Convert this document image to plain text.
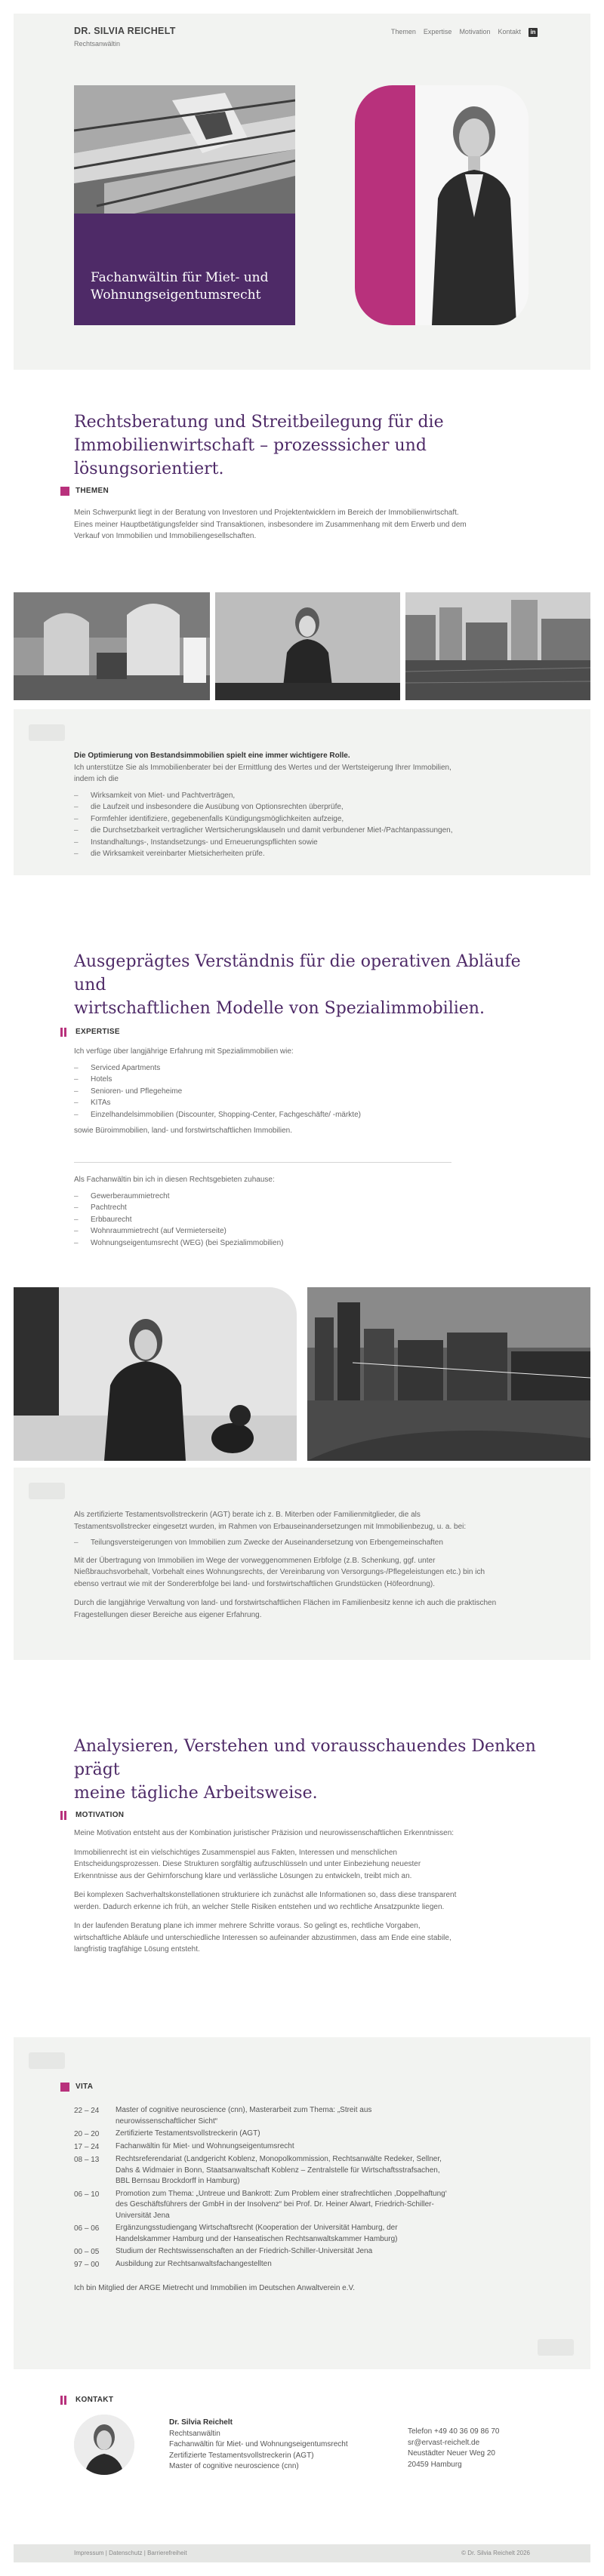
DR. SILVIA REICHELT
Rechtsanwältin
Themen Expertise Motivation Kontakt	in
Fachanwältin für Miet- und
Wohnungseigentumsrecht
Rechtsberatung und Streitbeilegung für die
Immobilienwirtschaft – prozesssicher und lösungsorientiert.
THEMEN

Mein Schwerpunkt liegt in der Beratung von Investoren und Projektentwicklern im Bereich der Immobilienwirtschaft. Eines meiner Hauptbetätigungsfelder sind Transaktionen, insbesondere im Zusammenhang mit dem Erwerb und dem Verkauf von Immobilien und Immobiliengesellschaften.

Die Optimierung von Bestandsimmobilien spielt eine immer wichtigere Rolle.
Ich unterstütze Sie als Immobilienberater bei der Ermittlung des Wertes und der Wertsteigerung Ihrer Immobilien, indem ich die
– Wirksamkeit von Miet- und Pachtverträgen,
– die Laufzeit und insbesondere die Ausübung von Optionsrechten überprüfe,
– Formfehler identifiziere, gegebenenfalls Kündigungsmöglichkeiten aufzeige,
– die Durchsetzbarkeit vertraglicher Wertsicherungsklauseln und damit verbundener Miet-/Pachtanpassungen,
– Instandhaltungs-, Instandsetzungs- und Erneuerungspflichten sowie
– die Wirksamkeit vereinbarter Mietsicherheiten prüfe.
Ausgeprägtes Verständnis für die operativen Abläufe und
wirtschaftlichen Modelle von Spezialimmobilien.
EXPERTISE

Ich verfüge über langjährige Erfahrung mit Spezialimmobilien wie:

– Serviced Apartments
– Hotels
– Senioren- und Pflegeheime
– KITAs
– Einzelhandelsimmobilien (Discounter, Shopping-Center, Fachgeschäfte/ -märkte)

sowie Büroimmobilien, land- und forstwirtschaftlichen Immobilien.

Als Fachanwältin bin ich in diesen Rechtsgebieten zuhause:

– Gewerberaummietrecht
– Pachtrecht
– Erbbaurecht
– Wohnraummietrecht (auf Vermieterseite)
– Wohnungseigentumsrecht (WEG) (bei Spezialimmobilien)

Als zertifizierte Testamentsvollstreckerin (AGT) berate ich z. B. Miterben oder Familienmitglieder, die als Testamentsvollstrecker eingesetzt wurden, im Rahmen von Erbauseinandersetzungen mit Immobilienbezug, u. a. bei:

– Teilungsversteigerungen von Immobilien zum Zwecke der Auseinandersetzung von Erbengemeinschaften

Mit der Übertragung von Immobilien im Wege der vorweggenommenen Erbfolge (z.B. Schenkung, ggf. unter Nießbrauchsvorbehalt, Vorbehalt eines Wohnungsrechts, der Vereinbarung von Versorgungs-/Pflegeleistungen etc.) bin ich ebenso vertraut wie mit der Sondererbfolge bei land- und forstwirtschaftlichen Grundstücken (Höfeordnung).

Durch die langjährige Verwaltung von land- und forstwirtschaftlichen Flächen im Familienbesitz kenne ich auch die praktischen Fragestellungen dieser Bereiche aus eigener Erfahrung.

Analysieren, Verstehen und vorausschauendes Denken prägt
meine tägliche Arbeitsweise.
MOTIVATION

Meine Motivation entsteht aus der Kombination juristischer Präzision und neurowissenschaftlichen Erkenntnissen:

Immobilienrecht ist ein vielschichtiges Zusammenspiel aus Fakten, Interessen und menschlichen Entscheidungsprozessen. Diese Strukturen sorgfältig aufzuschlüsseln und unter Einbeziehung neuester Erkenntnisse aus der Gehirnforschung klare und verlässliche Lösungen zu entwickeln, treibt mich an.

Bei komplexen Sachverhaltskonstellationen strukturiere ich zunächst alle Informationen so, dass diese transparent werden. Dadurch erkenne ich früh, an welcher Stelle Risiken entstehen und wo rechtliche Ansatzpunkte liegen.

In der laufenden Beratung plane ich immer mehrere Schritte voraus. So gelingt es, rechtliche Vorgaben, wirtschaftliche Abläufe und unterschiedliche Interessen so aufeinander abzustimmen, dass am Ende eine stabile, langfristig tragfähige Lösung entsteht.

VITA
22 – 24	Master of cognitive neuroscience (cnn), Masterarbeit zum Thema: „Streit aus neurowissenschaftlicher Sicht“
20 – 20	Zertifizierte Testamentsvollstreckerin (AGT)
17 – 24	Fachanwältin für Miet- und Wohnungseigentumsrecht
08 – 13	Rechtsreferendariat (Landgericht Koblenz, Monopolkommission, Rechtsanwälte Redeker, Sellner, Dahs & Widmaier in Bonn, Staatsanwaltschaft Koblenz – Zentralstelle für Wirtschaftsstrafsachen, BBL Bernsau Brockdorff in Hamburg)
06 – 10	Promotion zum Thema: „Untreue und Bankrott: Zum Problem einer strafrechtlichen ,Doppelhaftung‘ des Geschäftsführers der GmbH in der Insolvenz“ bei Prof. Dr. Heiner Alwart, Friedrich-Schiller-Universität Jena
06 – 06	Ergänzungsstudiengang Wirtschaftsrecht (Kooperation der Universität Hamburg, der Handelskammer Hamburg und der Hanseatischen Rechtsanwaltskammer Hamburg)
00 – 05	Studium der Rechtswissenschaften an der Friedrich-Schiller-Universität Jena
97 – 00	Ausbildung zur Rechtsanwaltsfachangestellten
Ich bin Mitglied der ARGE Mietrecht und Immobilien im Deutschen Anwaltverein e.V.
KONTAKT
Dr. Silvia Reichelt
Rechtsanwältin
Fachanwältin für Miet- und Wohnungseigentumsrecht
Zertifizierte Testamentsvollstreckerin (AGT)
Master of cognitive neuroscience (cnn)
Telefon +49 40 36 09 86 70
sr@ervast-reichelt.de
Neustädter Neuer Weg 20
20459 Hamburg
Impressum | Datenschutz | Barrierefreiheit	© Dr. Silvia Reichelt 2026
